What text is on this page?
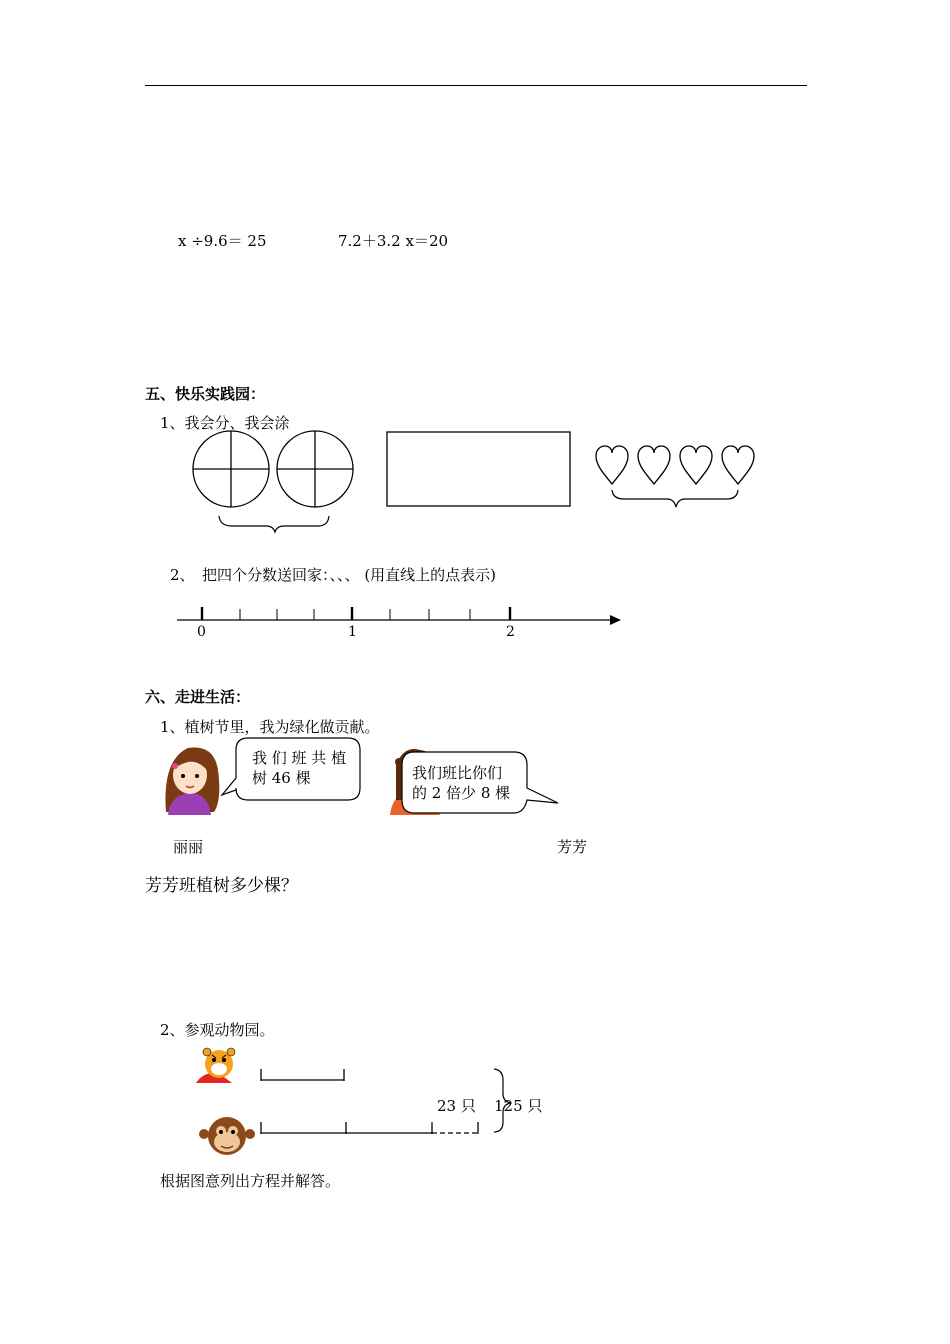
x ÷9.6＝ 25	7.2＋3.2 x＝20
五、快乐实践园：
1、我会分、我会涂
2、　把四个分数送回家：、、、 (用直线上的点表示)
0	1	2
六、走进生活：
1、植树节里，我为绿化做贡献。
我 们 班 共 植
树 46 棵	我们班比你们
的 2 倍少 8 棵
丽丽	芳芳
芳芳班植树多少棵？
2、参观动物园。
23 只 125 只
根据图意列出方程并解答。
